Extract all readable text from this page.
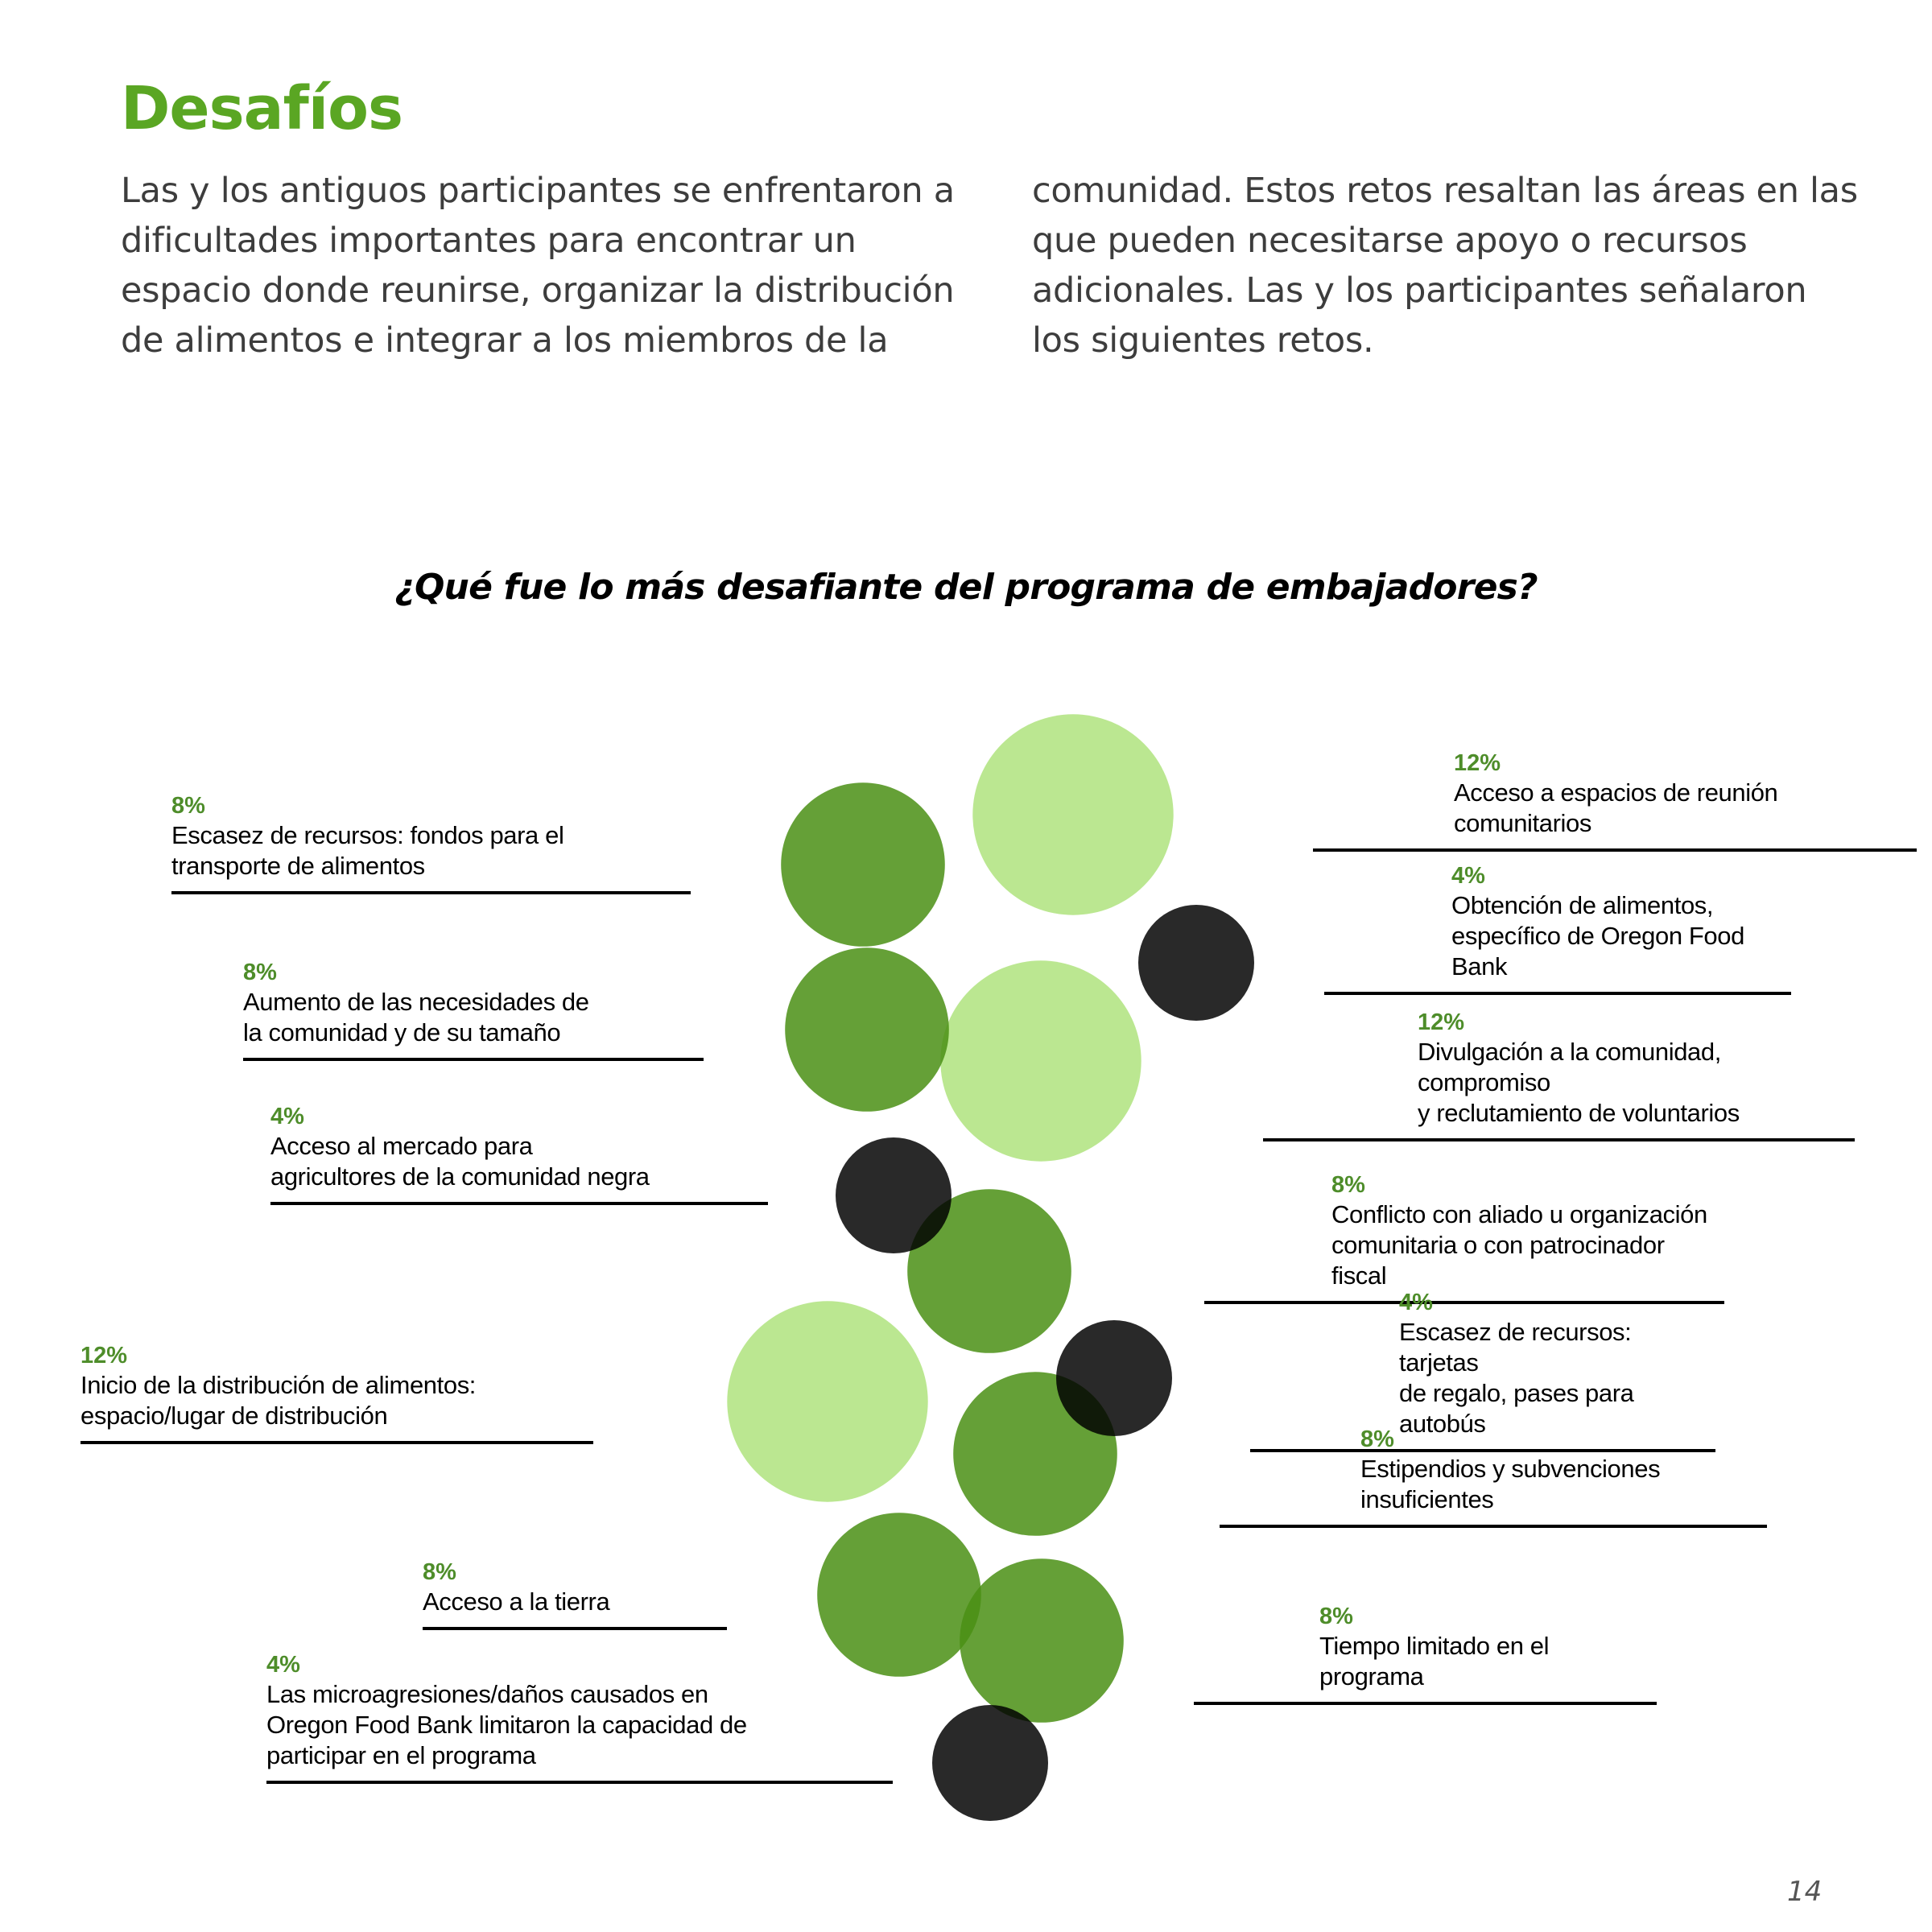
Desafíos

Las y los antiguos participantes se enfrentaron a dificultades importantes para encontrar un espacio donde reunirse, organizar la distribución de alimentos e integrar a los miembros de la

comunidad. Estos retos resaltan las áreas en las que pueden necesitarse apoyo o recursos adicionales. Las y los participantes señalaron los siguientes retos.

¿Qué fue lo más desafiante del programa de embajadores?
8%
Escasez de recursos: fondos para el
transporte de alimentos
8%
Aumento de las necesidades de
la comunidad y de su tamaño
4%
Acceso al mercado para
agricultores de la comunidad negra
12%
Inicio de la distribución de alimentos:
espacio/lugar de distribución
8%
Acceso a la tierra
4%
Las microagresiones/daños causados en
Oregon Food Bank limitaron la capacidad de
participar en el programa
12%
Acceso a espacios de reunión comunitarios
4%
Obtención de alimentos,
específico de Oregon Food Bank
12%
Divulgación a la comunidad, compromiso
y reclutamiento de voluntarios
8%
Conflicto con aliado u organización
comunitaria o con patrocinador fiscal
4%
Escasez de recursos: tarjetas
de regalo, pases para autobús
8%
Estipendios y subvenciones insuficientes
8%
Tiempo limitado en el programa
14
